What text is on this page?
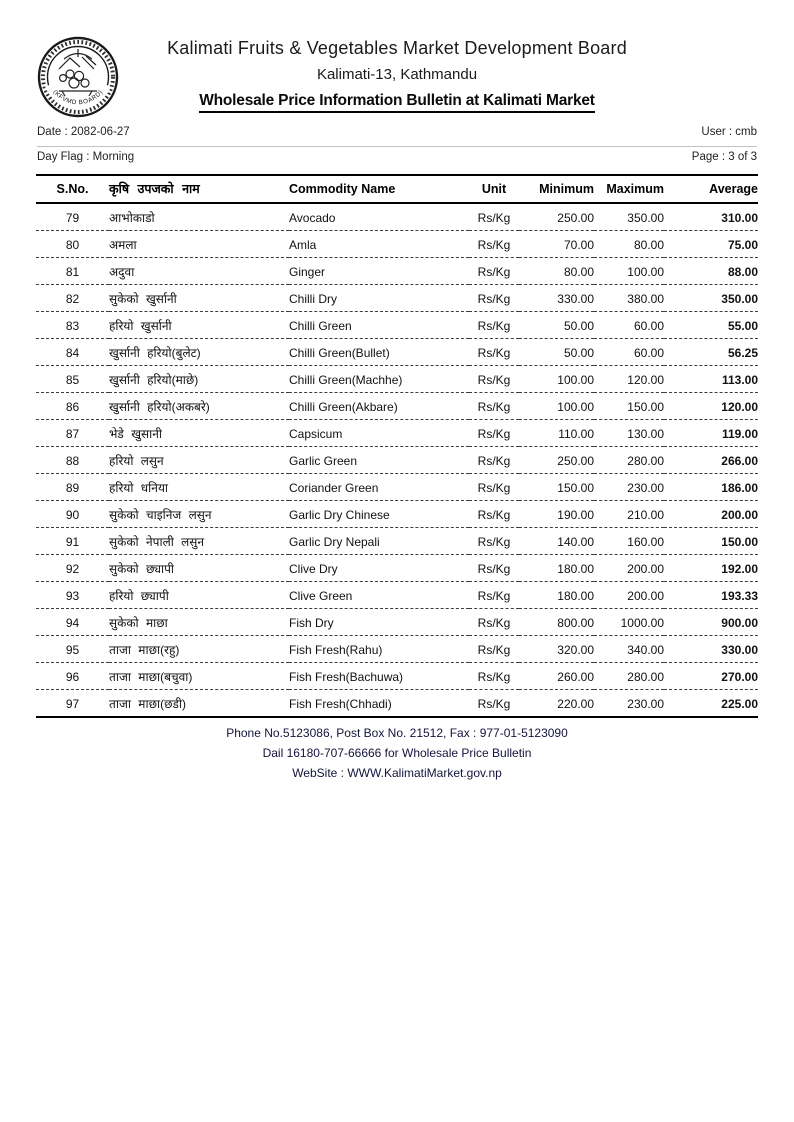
(KFVMD BOARD)
Kalimati Fruits & Vegetables Market Development Board
Kalimati-13, Kathmandu
Wholesale Price Information Bulletin at Kalimati Market
Date : 2082-06-27	User : cmb
Day Flag : Morning	Page : 3 of 3
S.No.	कृषि उपजको नाम	Commodity Name	Unit	Minimum	Maximum	Average
79	आभोकाडो	Avocado	Rs/Kg	250.00	350.00	310.00
80	अमला	Amla	Rs/Kg	70.00	80.00	75.00
81	अदुवा	Ginger	Rs/Kg	80.00	100.00	88.00
82	सुकेको खुर्सानी	Chilli Dry	Rs/Kg	330.00	380.00	350.00
83	हरियो खुर्सानी	Chilli Green	Rs/Kg	50.00	60.00	55.00
84	खुर्सानी हरियो(बुलेट)	Chilli Green(Bullet)	Rs/Kg	50.00	60.00	56.25
85	खुर्सानी हरियो(माछे)	Chilli Green(Machhe)	Rs/Kg	100.00	120.00	113.00
86	खुर्सानी हरियो(अकबरे)	Chilli Green(Akbare)	Rs/Kg	100.00	150.00	120.00
87	भेडे खुसानी	Capsicum	Rs/Kg	110.00	130.00	119.00
88	हरियो लसुन	Garlic Green	Rs/Kg	250.00	280.00	266.00
89	हरियो धनिया	Coriander Green	Rs/Kg	150.00	230.00	186.00
90	सुकेको चाइनिज लसुन	Garlic Dry Chinese	Rs/Kg	190.00	210.00	200.00
91	सुकेको नेपाली लसुन	Garlic Dry Nepali	Rs/Kg	140.00	160.00	150.00
92	सुकेको छ्यापी	Clive Dry	Rs/Kg	180.00	200.00	192.00
93	हरियो छ्यापी	Clive Green	Rs/Kg	180.00	200.00	193.33
94	सुकेको माछा	Fish Dry	Rs/Kg	800.00	1000.00	900.00
95	ताजा माछा(रहु)	Fish Fresh(Rahu)	Rs/Kg	320.00	340.00	330.00
96	ताजा माछा(बचुवा)	Fish Fresh(Bachuwa)	Rs/Kg	260.00	280.00	270.00
97	ताजा माछा(छडी)	Fish Fresh(Chhadi)	Rs/Kg	220.00	230.00	225.00
Phone No.5123086, Post Box No. 21512, Fax : 977-01-5123090
Dail 16180-707-66666 for Wholesale Price Bulletin
WebSite : WWW.KalimatiMarket.gov.np
